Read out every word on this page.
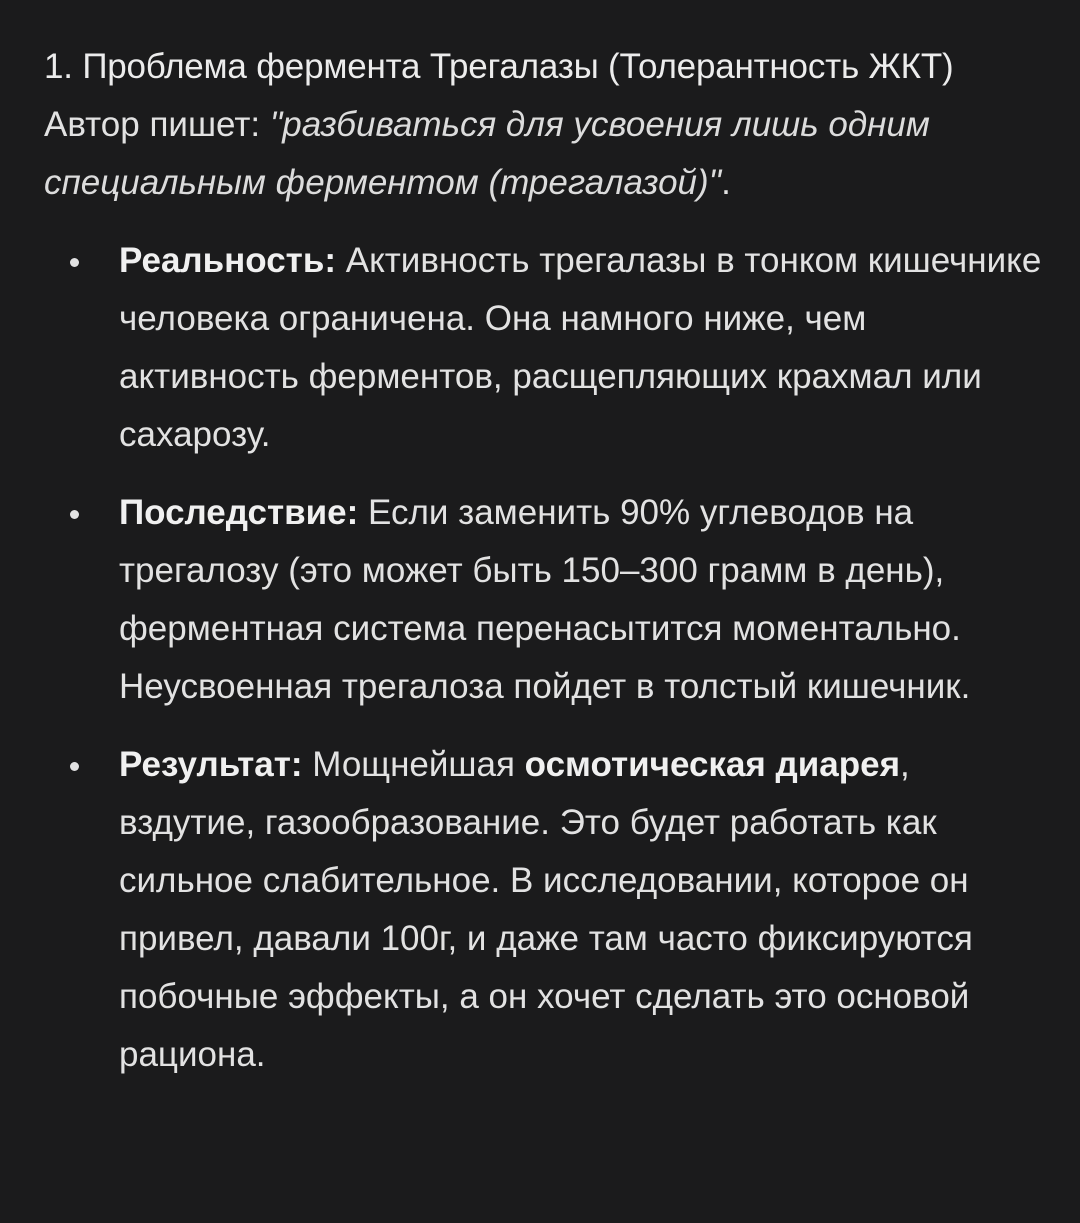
1. Проблема фермента Трегалазы (Толерантность ЖКТ)

Автор пишет: "разбиваться для усвоения лишь одним специальным ферментом (трегалазой)".

Реальность: Активность трегалазы в тонком кишечнике человека ограничена. Она намного ниже, чем активность ферментов, расщепляющих крахмал или сахарозу.
Последствие: Если заменить 90% углеводов на трегалозу (это может быть 150–300 грамм в день), ферментная система перенасытится моментально. Неусвоенная трегалоза пойдет в толстый кишечник.
Результат: Мощнейшая осмотическая диарея, вздутие, газообразование. Это будет работать как сильное слабительное. В исследовании, которое он привел, давали 100г, и даже там часто фиксируются побочные эффекты, а он хочет сделать это основой рациона.
